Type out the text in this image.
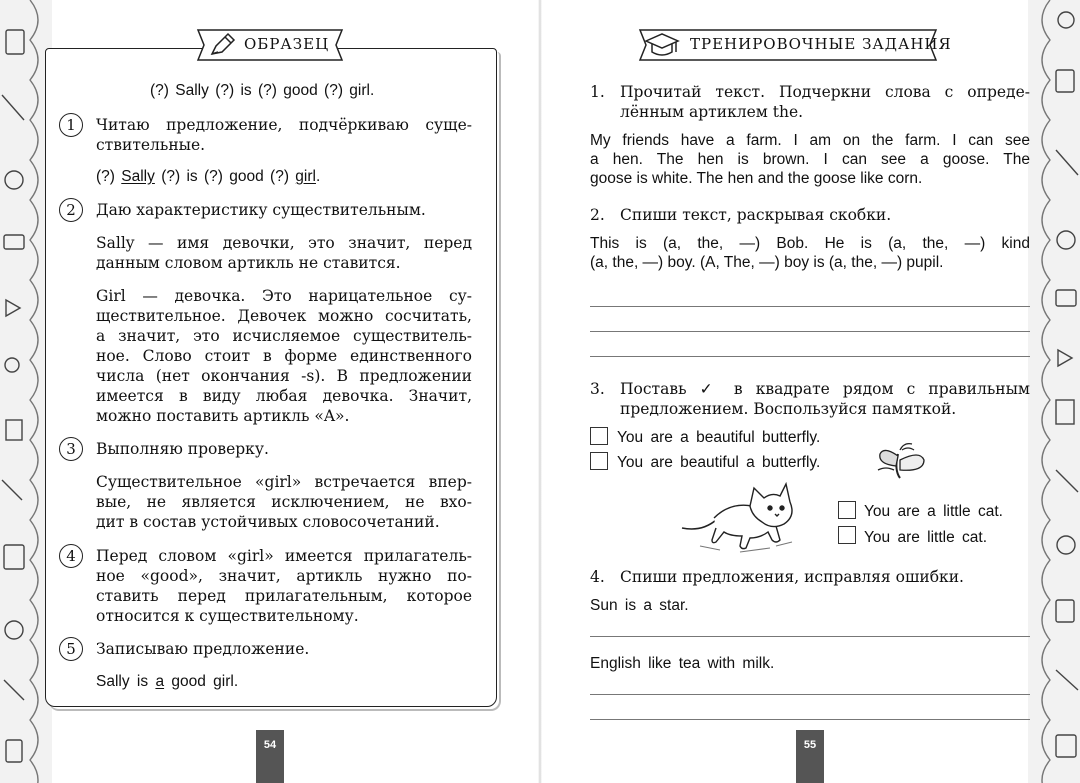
ОБРАЗЕЦ
(?) Sally (?) is (?) good (?) girl.
1	Читаю предложение, подчёркиваю суще-
ствительные.
(?) Sally (?) is (?) good (?) girl.
2	Даю характеристику существительным.
Sally — имя девочки, это значит, перед
данным словом артикль не ставится.
Girl — девочка. Это нарицательное су-
ществительное. Девочек можно сосчитать,
а значит, это исчисляемое существитель-
ное. Слово стоит в форме единственного
числа (нет окончания -s). В предложении
имеется в виду любая девочка. Значит,
можно поставить артикль «A».
3	Выполняю проверку.
Существительное «girl» встречается впер-
вые, не является исключением, не вхо-
дит в состав устойчивых словосочетаний.
4	Перед словом «girl» имеется прилагатель-
ное «good», значит, артикль нужно по-
ставить перед прилагательным, которое
относится к существительному.
5	Записываю предложение.
Sally is a good girl.
54
ТРЕНИРОВОЧНЫЕ ЗАДАНИЯ
1. Прочитай текст. Подчеркни слова с опреде-
лённым артиклем the.
My friends have a farm. I am on the farm. I can see
a hen. The hen is brown. I can see a goose. The
goose is white. The hen and the goose like corn.
2. Спиши текст, раскрывая скобки.
This is (a, the, —) Bob. He is (a, the, —) kind
(a, the, —) boy. (A, The, —) boy is (a, the, —) pupil.
3. Поставь ✓ в квадрате рядом с правильным
предложением. Воспользуйся памяткой.
You are a beautiful butterfly.
You are beautiful a butterfly.
You are a little cat.
You are little cat.
4. Спиши предложения, исправляя ошибки.
Sun is a star.
English like tea with milk.
55
